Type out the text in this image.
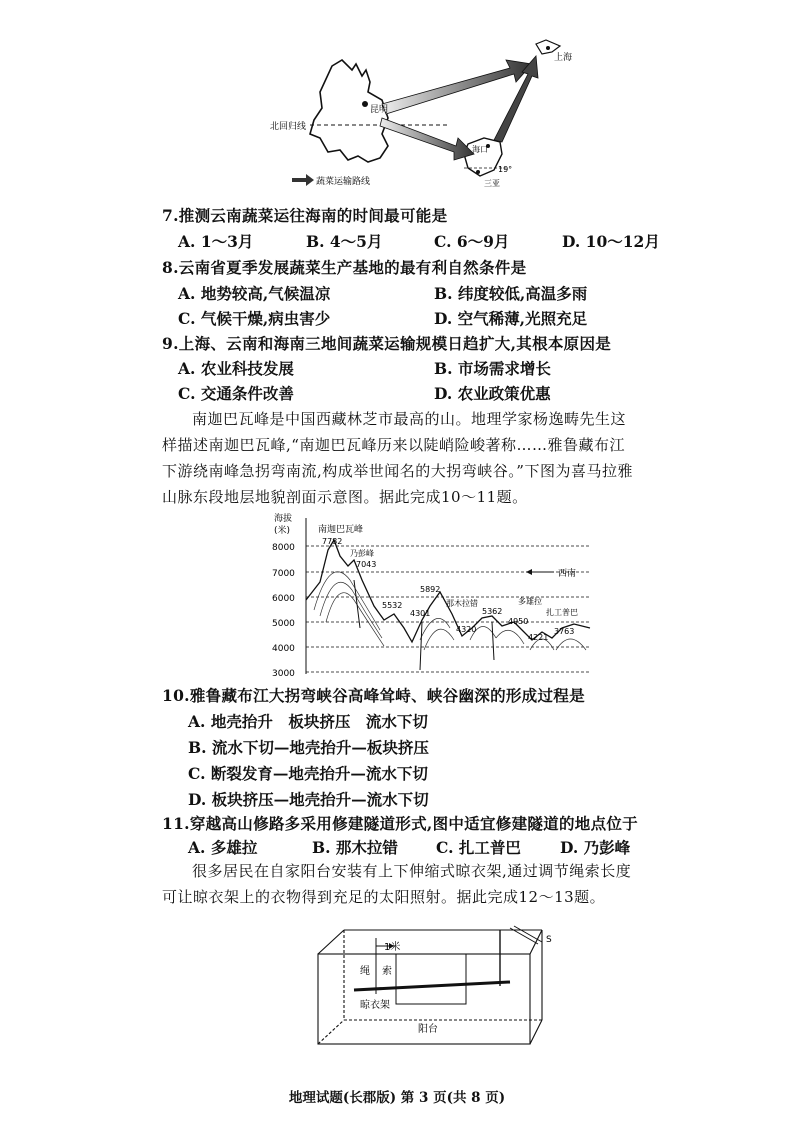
昆明
北回归线
海口
19°
三亚
上海
蔬菜运输路线
7.推测云南蔬菜运往海南的时间最可能是
A. 1～3月	B. 4～5月	C. 6～9月	D. 10～12月
8.云南省夏季发展蔬菜生产基地的最有利自然条件是
A. 地势较高,气候温凉	B. 纬度较低,高温多雨
C. 气候干燥,病虫害少	D. 空气稀薄,光照充足
9.上海、云南和海南三地间蔬菜运输规模日趋扩大,其根本原因是
A. 农业科技发展	B. 市场需求增长
C. 交通条件改善	D. 农业政策优惠
南迦巴瓦峰是中国西藏林芝市最高的山。地理学家杨逸畴先生这样描述南迦巴瓦峰,“南迦巴瓦峰历来以陡峭险峻著称……雅鲁藏布江下游绕南峰急拐弯南流,构成举世闻名的大拐弯峡谷。”下图为喜马拉雅山脉东段地层地貌剖面示意图。据此完成10～11题。
海拔
(米)
8000
7000
6000
5000
4000
3000
南迦巴瓦峰
7782
乃彭峰
7043
5892
5532
4301
那木拉错
4320
5362
多雄拉
4950
4221
扎工普巴
3763
西南
10.雅鲁藏布江大拐弯峡谷高峰耸峙、峡谷幽深的形成过程是
A. 地壳抬升　板块挤压　流水下切
B. 流水下切—地壳抬升—板块挤压
C. 断裂发育—地壳抬升—流水下切
D. 板块挤压—地壳抬升—流水下切
11.穿越高山修路多采用修建隧道形式,图中适宜修建隧道的地点位于
A. 多雄拉	B. 那木拉错 C. 扎工普巴	D. 乃彭峰
很多居民在自家阳台安装有上下伸缩式晾衣架,通过调节绳索长度可让晾衣架上的衣物得到充足的太阳照射。据此完成12～13题。
1米
S
绳 索
晾衣架
阳台
地理试题(长郡版) 第 3 页(共 8 页)
